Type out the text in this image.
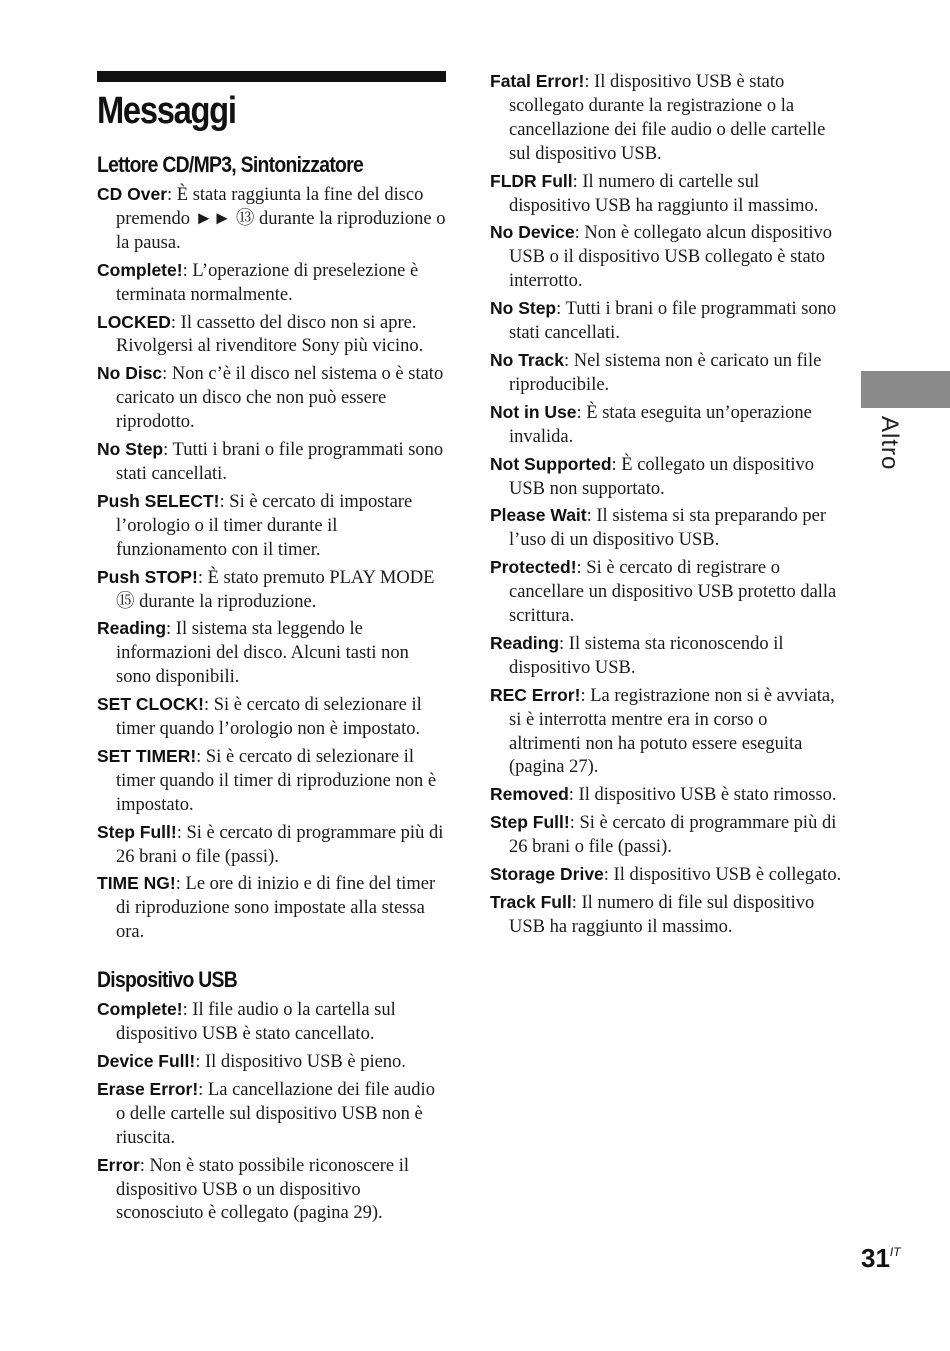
Messaggi
Lettore CD/MP3, Sintonizzatore

CD Over: È stata raggiunta la fine del disco premendo ►► ⑬ durante la riproduzione o la pausa.

Complete!: L’operazione di preselezione è terminata normalmente.

LOCKED: Il cassetto del disco non si apre. Rivolgersi al rivenditore Sony più vicino.

No Disc: Non c’è il disco nel sistema o è stato caricato un disco che non può essere riprodotto.

No Step: Tutti i brani o file programmati sono stati cancellati.

Push SELECT!: Si è cercato di impostare l’orologio o il timer durante il funzionamento con il timer.

Push STOP!: È stato premuto PLAY MODE ⑮ durante la riproduzione.

Reading: Il sistema sta leggendo le informazioni del disco. Alcuni tasti non sono disponibili.

SET CLOCK!: Si è cercato di selezionare il timer quando l’orologio non è impostato.

SET TIMER!: Si è cercato di selezionare il timer quando il timer di riproduzione non è impostato.

Step Full!: Si è cercato di programmare più di 26 brani o file (passi).

TIME NG!: Le ore di inizio e di fine del timer di riproduzione sono impostate alla stessa ora.

Dispositivo USB

Complete!: Il file audio o la cartella sul dispositivo USB è stato cancellato.

Device Full!: Il dispositivo USB è pieno.

Erase Error!: La cancellazione dei file audio o delle cartelle sul dispositivo USB non è riuscita.

Error: Non è stato possibile riconoscere il dispositivo USB o un dispositivo sconosciuto è collegato (pagina 29).

Fatal Error!: Il dispositivo USB è stato scollegato durante la registrazione o la cancellazione dei file audio o delle cartelle sul dispositivo USB.

FLDR Full: Il numero di cartelle sul dispositivo USB ha raggiunto il massimo.

No Device: Non è collegato alcun dispositivo USB o il dispositivo USB collegato è stato interrotto.

No Step: Tutti i brani o file programmati sono stati cancellati.

No Track: Nel sistema non è caricato un file riproducibile.

Not in Use: È stata eseguita un’operazione invalida.

Not Supported: È collegato un dispositivo USB non supportato.

Please Wait: Il sistema si sta preparando per l’uso di un dispositivo USB.

Protected!: Si è cercato di registrare o cancellare un dispositivo USB protetto dalla scrittura.

Reading: Il sistema sta riconoscendo il dispositivo USB.

REC Error!: La registrazione non si è avviata, si è interrotta mentre era in corso o altrimenti non ha potuto essere eseguita (pagina 27).

Removed: Il dispositivo USB è stato rimosso.

Step Full!: Si è cercato di programmare più di 26 brani o file (passi).

Storage Drive: Il dispositivo USB è collegato.

Track Full: Il numero di file sul dispositivo USB ha raggiunto il massimo.

Altro
$31^{IT}$
